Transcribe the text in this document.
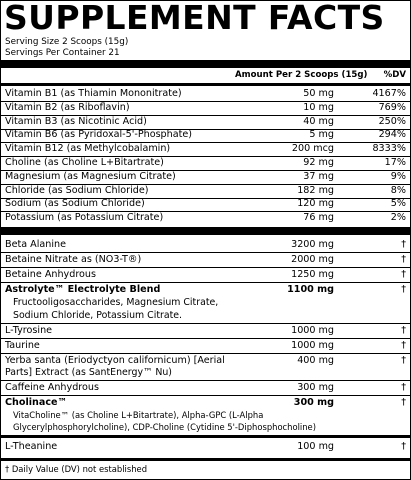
SUPPLEMENT FACTS
Serving Size 2 Scoops (15g)
Servings Per Container 21
Amount Per 2 Scoops (15g) %DV
Vitamin B1 (as Thiamin Mononitrate)	50 mg	4167%
Vitamin B2 (as Riboflavin)	10 mg	769%
Vitamin B3 (as Nicotinic Acid)	40 mg	250%
Vitamin B6 (as Pyridoxal-5'-Phosphate)	5 mg	294%
Vitamin B12 (as Methylcobalamin)	200 mcg	8333%
Choline (as Choline L+Bitartrate)	92 mg	17%
Magnesium (as Magnesium Citrate)	37 mg	9%
Chloride (as Sodium Chloride)	182 mg	8%
Sodium (as Sodium Chloride)	120 mg	5%
Potassium (as Potassium Citrate)	76 mg	2%
Beta Alanine	3200 mg	†
Betaine Nitrate as (NO3-T®)	2000 mg	†
Betaine Anhydrous	1250 mg	†
Astrolyte™ Electrolyte Blend	1100 mg	†
Fructooligosaccharides, Magnesium Citrate,
Sodium Chloride, Potassium Citrate.
L-Tyrosine	1000 mg	†
Taurine	1000 mg	†
Yerba santa (Eriodyctyon californicum) [Aerial	400 mg	†
Parts] Extract (as SantEnergy™ Nu)
Caffeine Anhydrous	300 mg	†
Cholinace™	300 mg	†
VitaCholine™ (as Choline L+Bitartrate), Alpha-GPC (L-Alpha
Glycerylphosphorylcholine), CDP-Choline (Cytidine 5'-Diphosphocholine)
L-Theanine	100 mg	†
† Daily Value (DV) not established
